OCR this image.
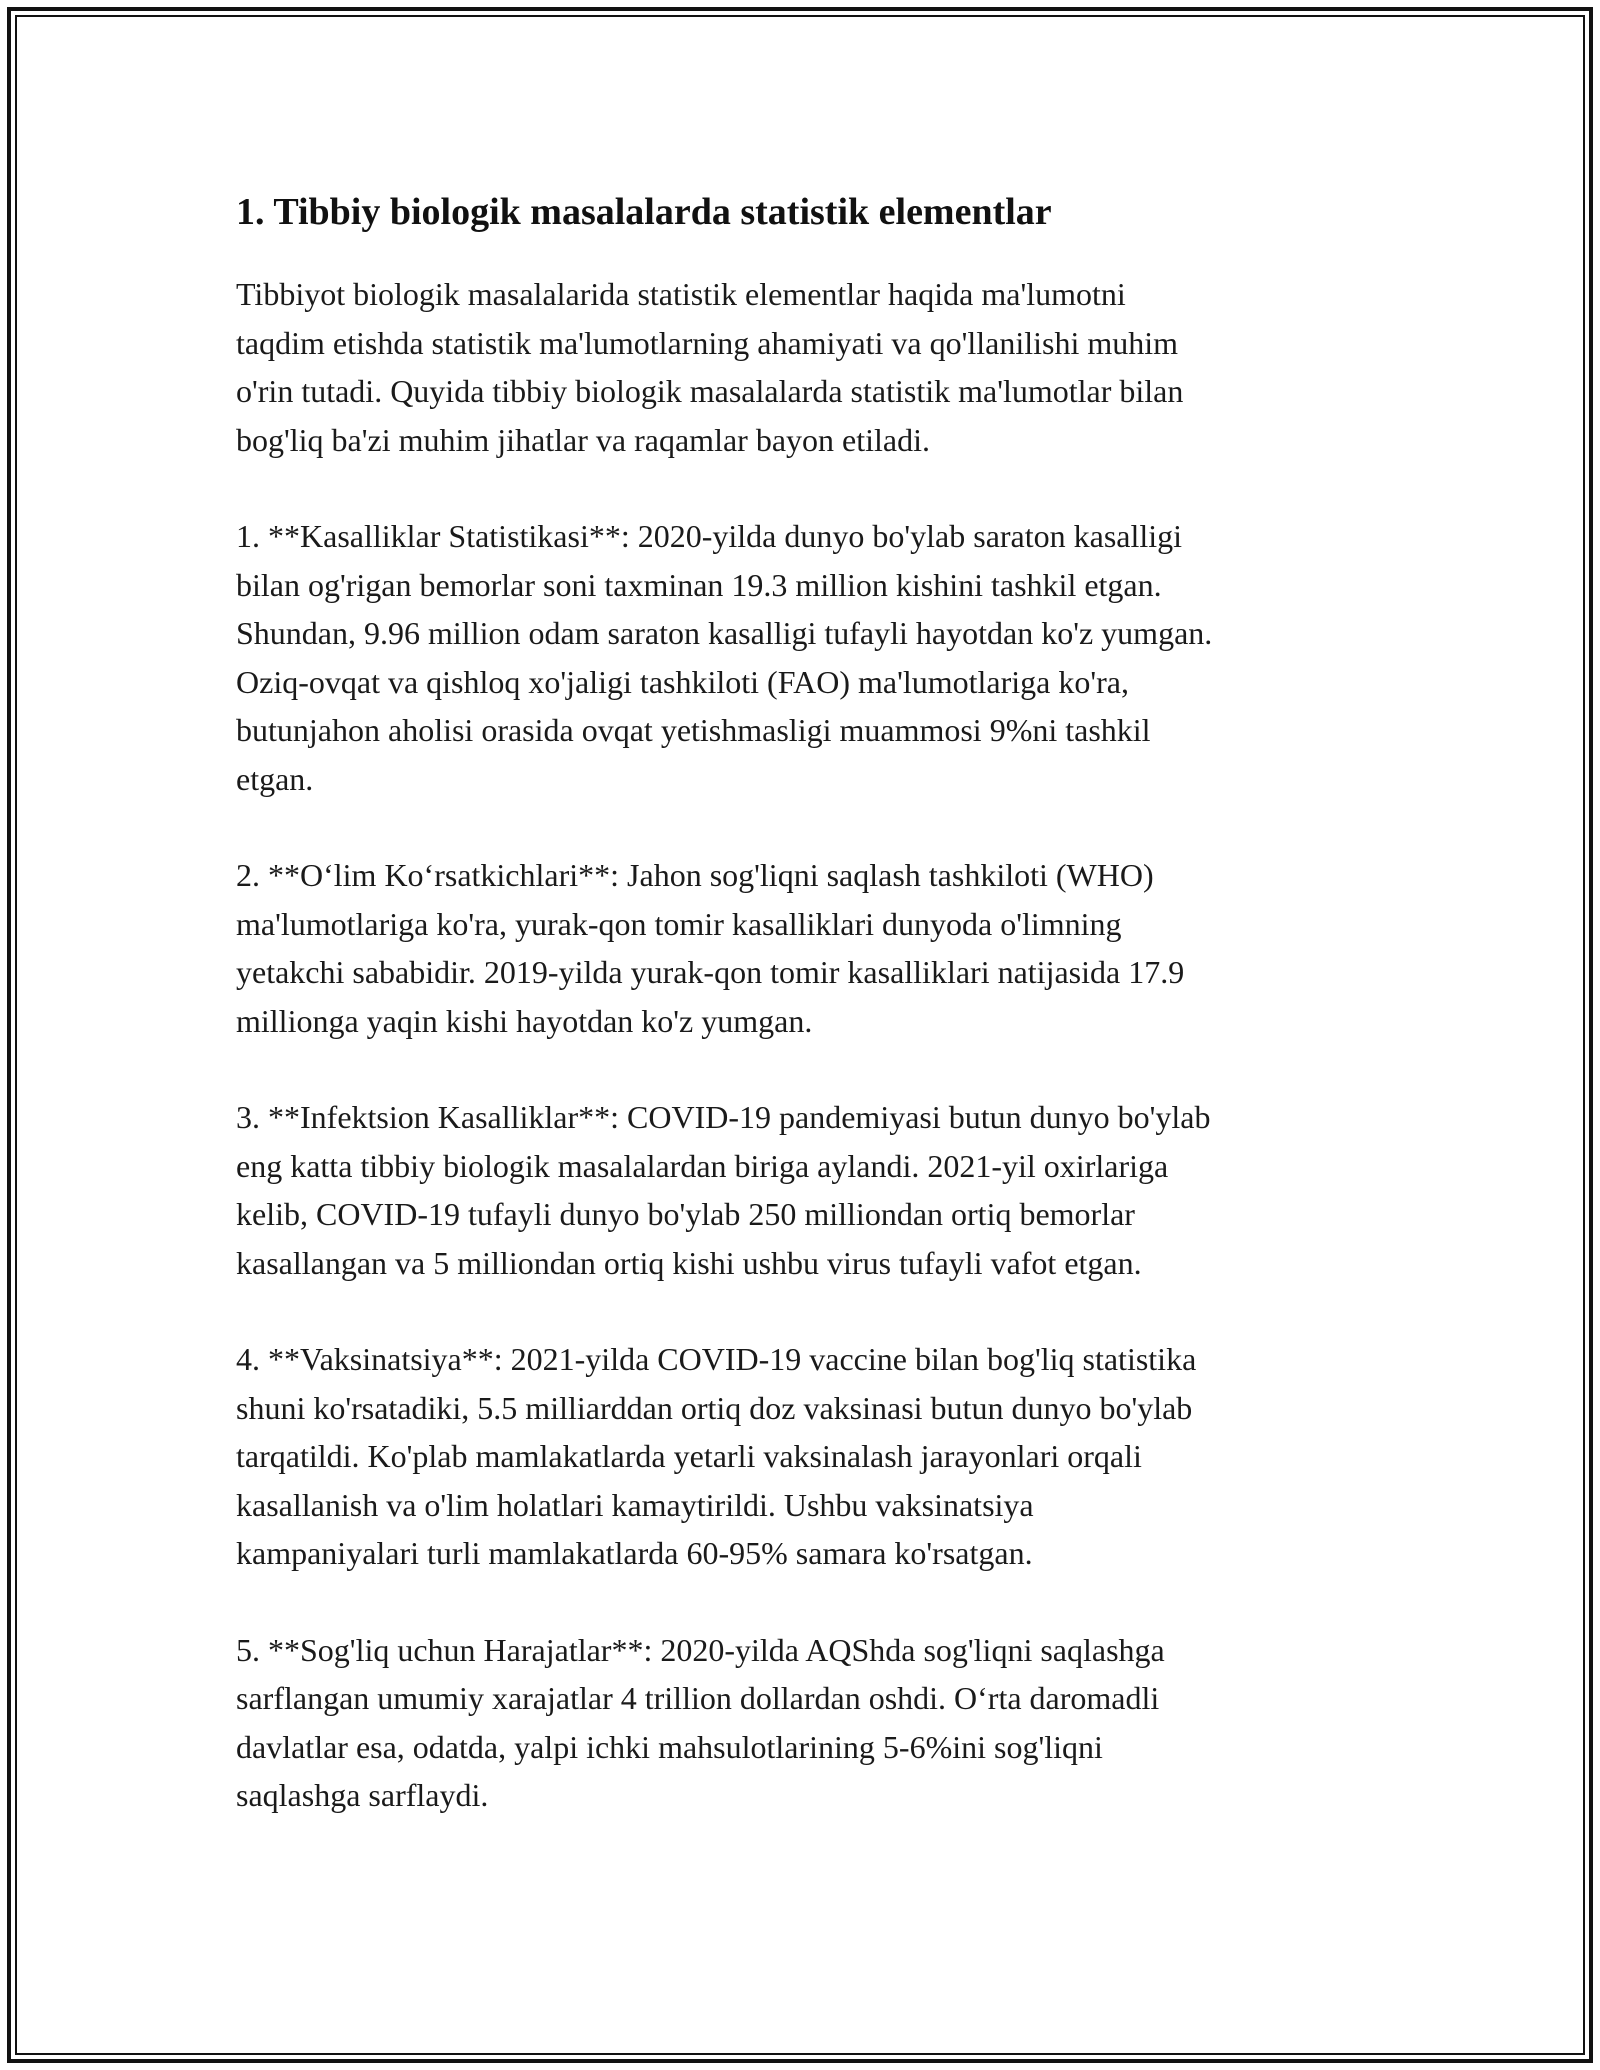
1. Tibbiy biologik masalalarda statistik elementlar

Tibbiyot biologik masalalarida statistik elementlar haqida ma'lumotni
taqdim etishda statistik ma'lumotlarning ahamiyati va qo'llanilishi muhim
o'rin tutadi. Quyida tibbiy biologik masalalarda statistik ma'lumotlar bilan
bog'liq ba'zi muhim jihatlar va raqamlar bayon etiladi.

1. **Kasalliklar Statistikasi**: 2020-yilda dunyo bo'ylab saraton kasalligi
bilan og'rigan bemorlar soni taxminan 19.3 million kishini tashkil etgan.
Shundan, 9.96 million odam saraton kasalligi tufayli hayotdan ko'z yumgan.
Oziq-ovqat va qishloq xo'jaligi tashkiloti (FAO) ma'lumotlariga ko'ra,
butunjahon aholisi orasida ovqat yetishmasligi muammosi 9%ni tashkil
etgan.

2. **Oʻlim Koʻrsatkichlari**: Jahon sog'liqni saqlash tashkiloti (WHO)
ma'lumotlariga ko'ra, yurak-qon tomir kasalliklari dunyoda o'limning
yetakchi sababidir. 2019-yilda yurak-qon tomir kasalliklari natijasida 17.9
millionga yaqin kishi hayotdan ko'z yumgan.

3. **Infektsion Kasalliklar**: COVID-19 pandemiyasi butun dunyo bo'ylab
eng katta tibbiy biologik masalalardan biriga aylandi. 2021-yil oxirlariga
kelib, COVID-19 tufayli dunyo bo'ylab 250 milliondan ortiq bemorlar
kasallangan va 5 milliondan ortiq kishi ushbu virus tufayli vafot etgan.

4. **Vaksinatsiya**: 2021-yilda COVID-19 vaccine bilan bog'liq statistika
shuni ko'rsatadiki, 5.5 milliarddan ortiq doz vaksinasi butun dunyo bo'ylab
tarqatildi. Ko'plab mamlakatlarda yetarli vaksinalash jarayonlari orqali
kasallanish va o'lim holatlari kamaytirildi. Ushbu vaksinatsiya
kampaniyalari turli mamlakatlarda 60-95% samara ko'rsatgan.

5. **Sog'liq uchun Harajatlar**: 2020-yilda AQShda sog'liqni saqlashga
sarflangan umumiy xarajatlar 4 trillion dollardan oshdi. Oʻrta daromadli
davlatlar esa, odatda, yalpi ichki mahsulotlarining 5-6%ini sog'liqni
saqlashga sarflaydi.
